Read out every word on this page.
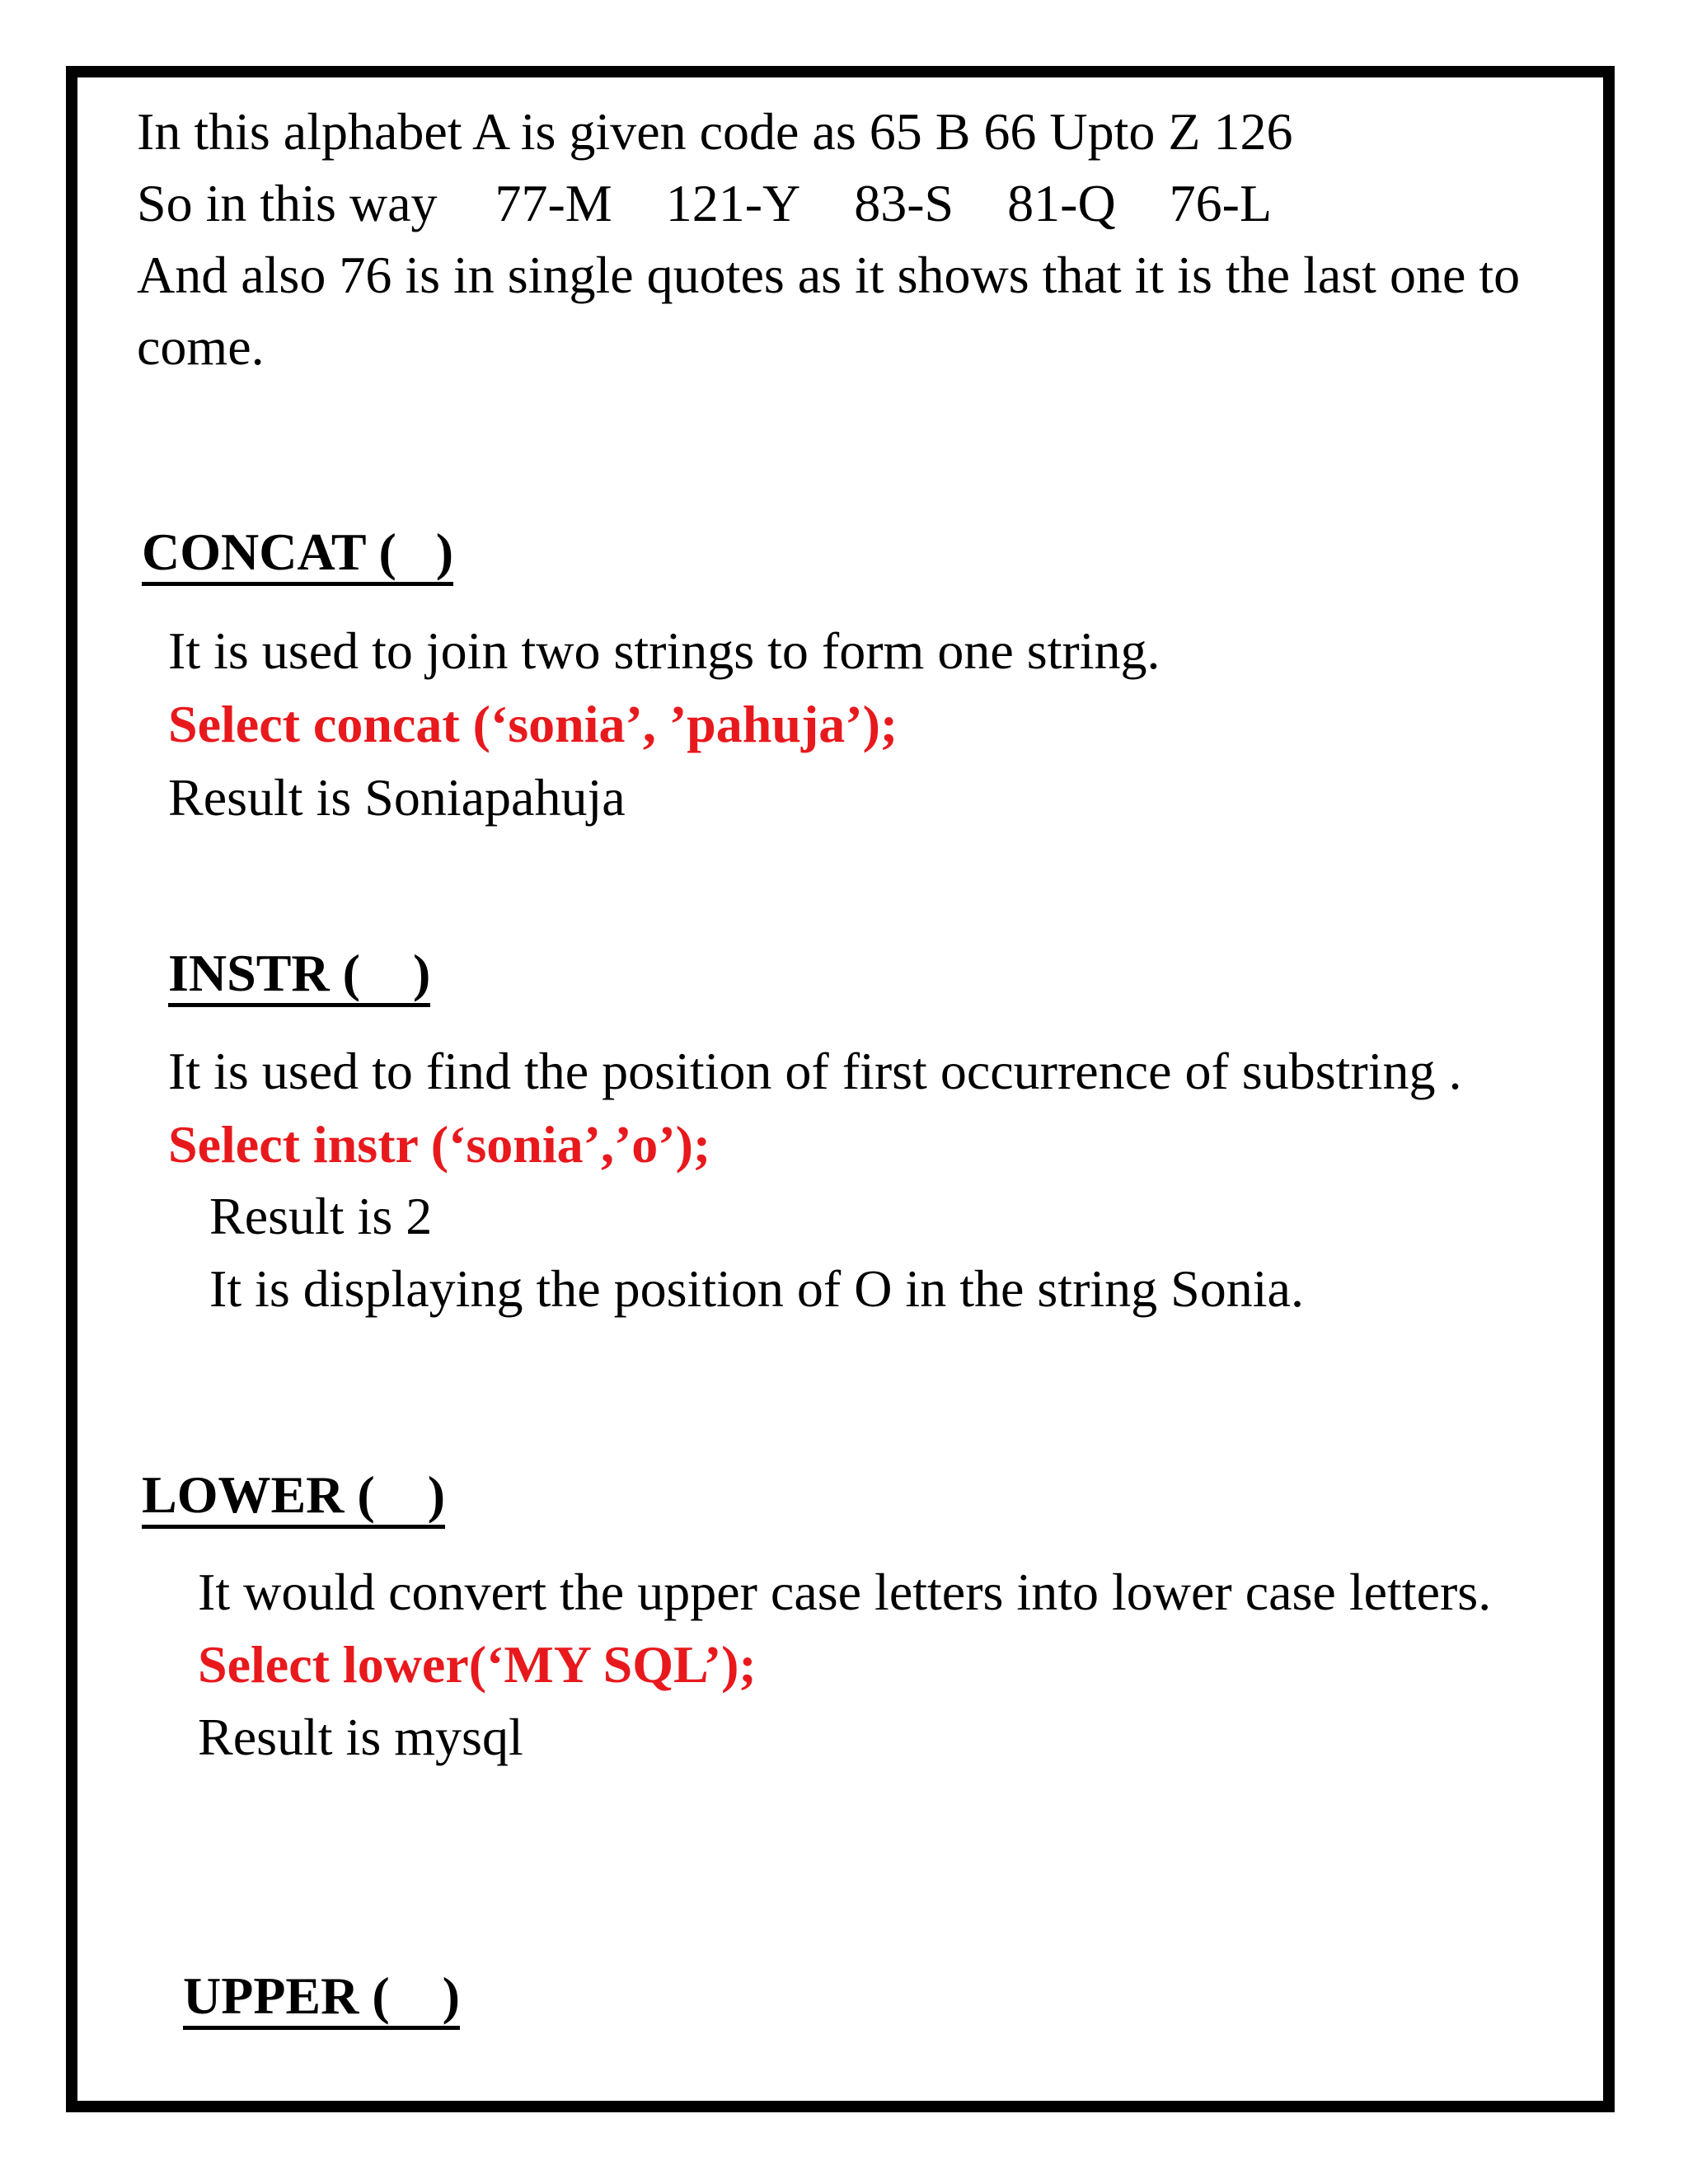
In this alphabet A is given code as 65 B 66 Upto Z 126

So in this way 77-M 121-Y 83-S 81-Q 76-L

And also 76 is in single quotes as it shows that it is the last one to

come.

CONCAT (   )

It is used to join two strings to form one string.

Select concat (‘sonia’, ’pahuja’);

Result is Soniapahuja

INSTR (    )

It is used to find the position of first occurrence of substring .

Select instr (‘sonia’,’o’);

Result is 2

It is displaying the position of O in the string Sonia.

LOWER (    )

It would convert the upper case letters into lower case letters.

Select lower(‘MY SQL’);

Result is mysql

UPPER (    )
